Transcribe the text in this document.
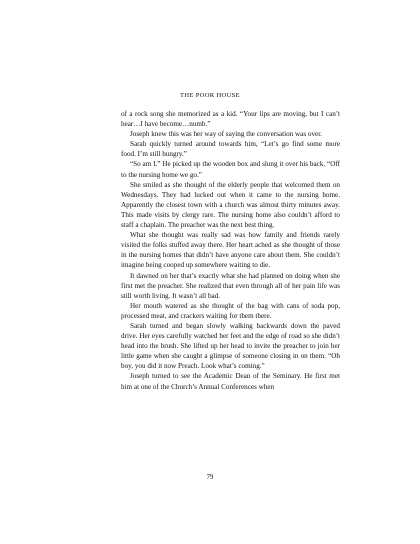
THE POOR HOUSE

of a rock song she memorized as a kid. “Your lips are moving, but I can’t hear…I have become…numb.”

Joseph knew this was her way of saying the conversation was over.

Sarah quickly turned around towards him, “Let’s go find some more food. I’m still hungry.”

“So am I.” He picked up the wooden box and slung it over his back. “Off to the nursing home we go.”

She smiled as she thought of the elderly people that welcomed them on Wednesdays. They had lucked out when it came to the nursing home. Apparently the closest town with a church was almost thirty minutes away. This made visits by clergy rare. The nursing home also couldn’t afford to staff a chaplain. The preacher was the next best thing.

What she thought was really sad was how family and friends rarely visited the folks stuffed away there. Her heart ached as she thought of those in the nursing homes that didn’t have anyone care about them. She couldn’t imagine being cooped up somewhere waiting to die.

It dawned on her that’s exactly what she had planned on doing when she first met the preacher. She realized that even through all of her pain life was still worth living. It wasn’t all bad.

Her mouth watered as she thought of the bag with cans of soda pop, processed meat, and crackers waiting for them there.

Sarah turned and began slowly walking backwards down the paved drive. Her eyes carefully watched her feet and the edge of road so she didn’t head into the brush. She lifted up her head to invite the preacher to join her little game when she caught a glimpse of someone closing in on them. “Oh boy, you did it now Preach. Look what’s coming.”

Joseph turned to see the Academic Dean of the Seminary. He first met him at one of the Church’s Annual Conferences when

79
